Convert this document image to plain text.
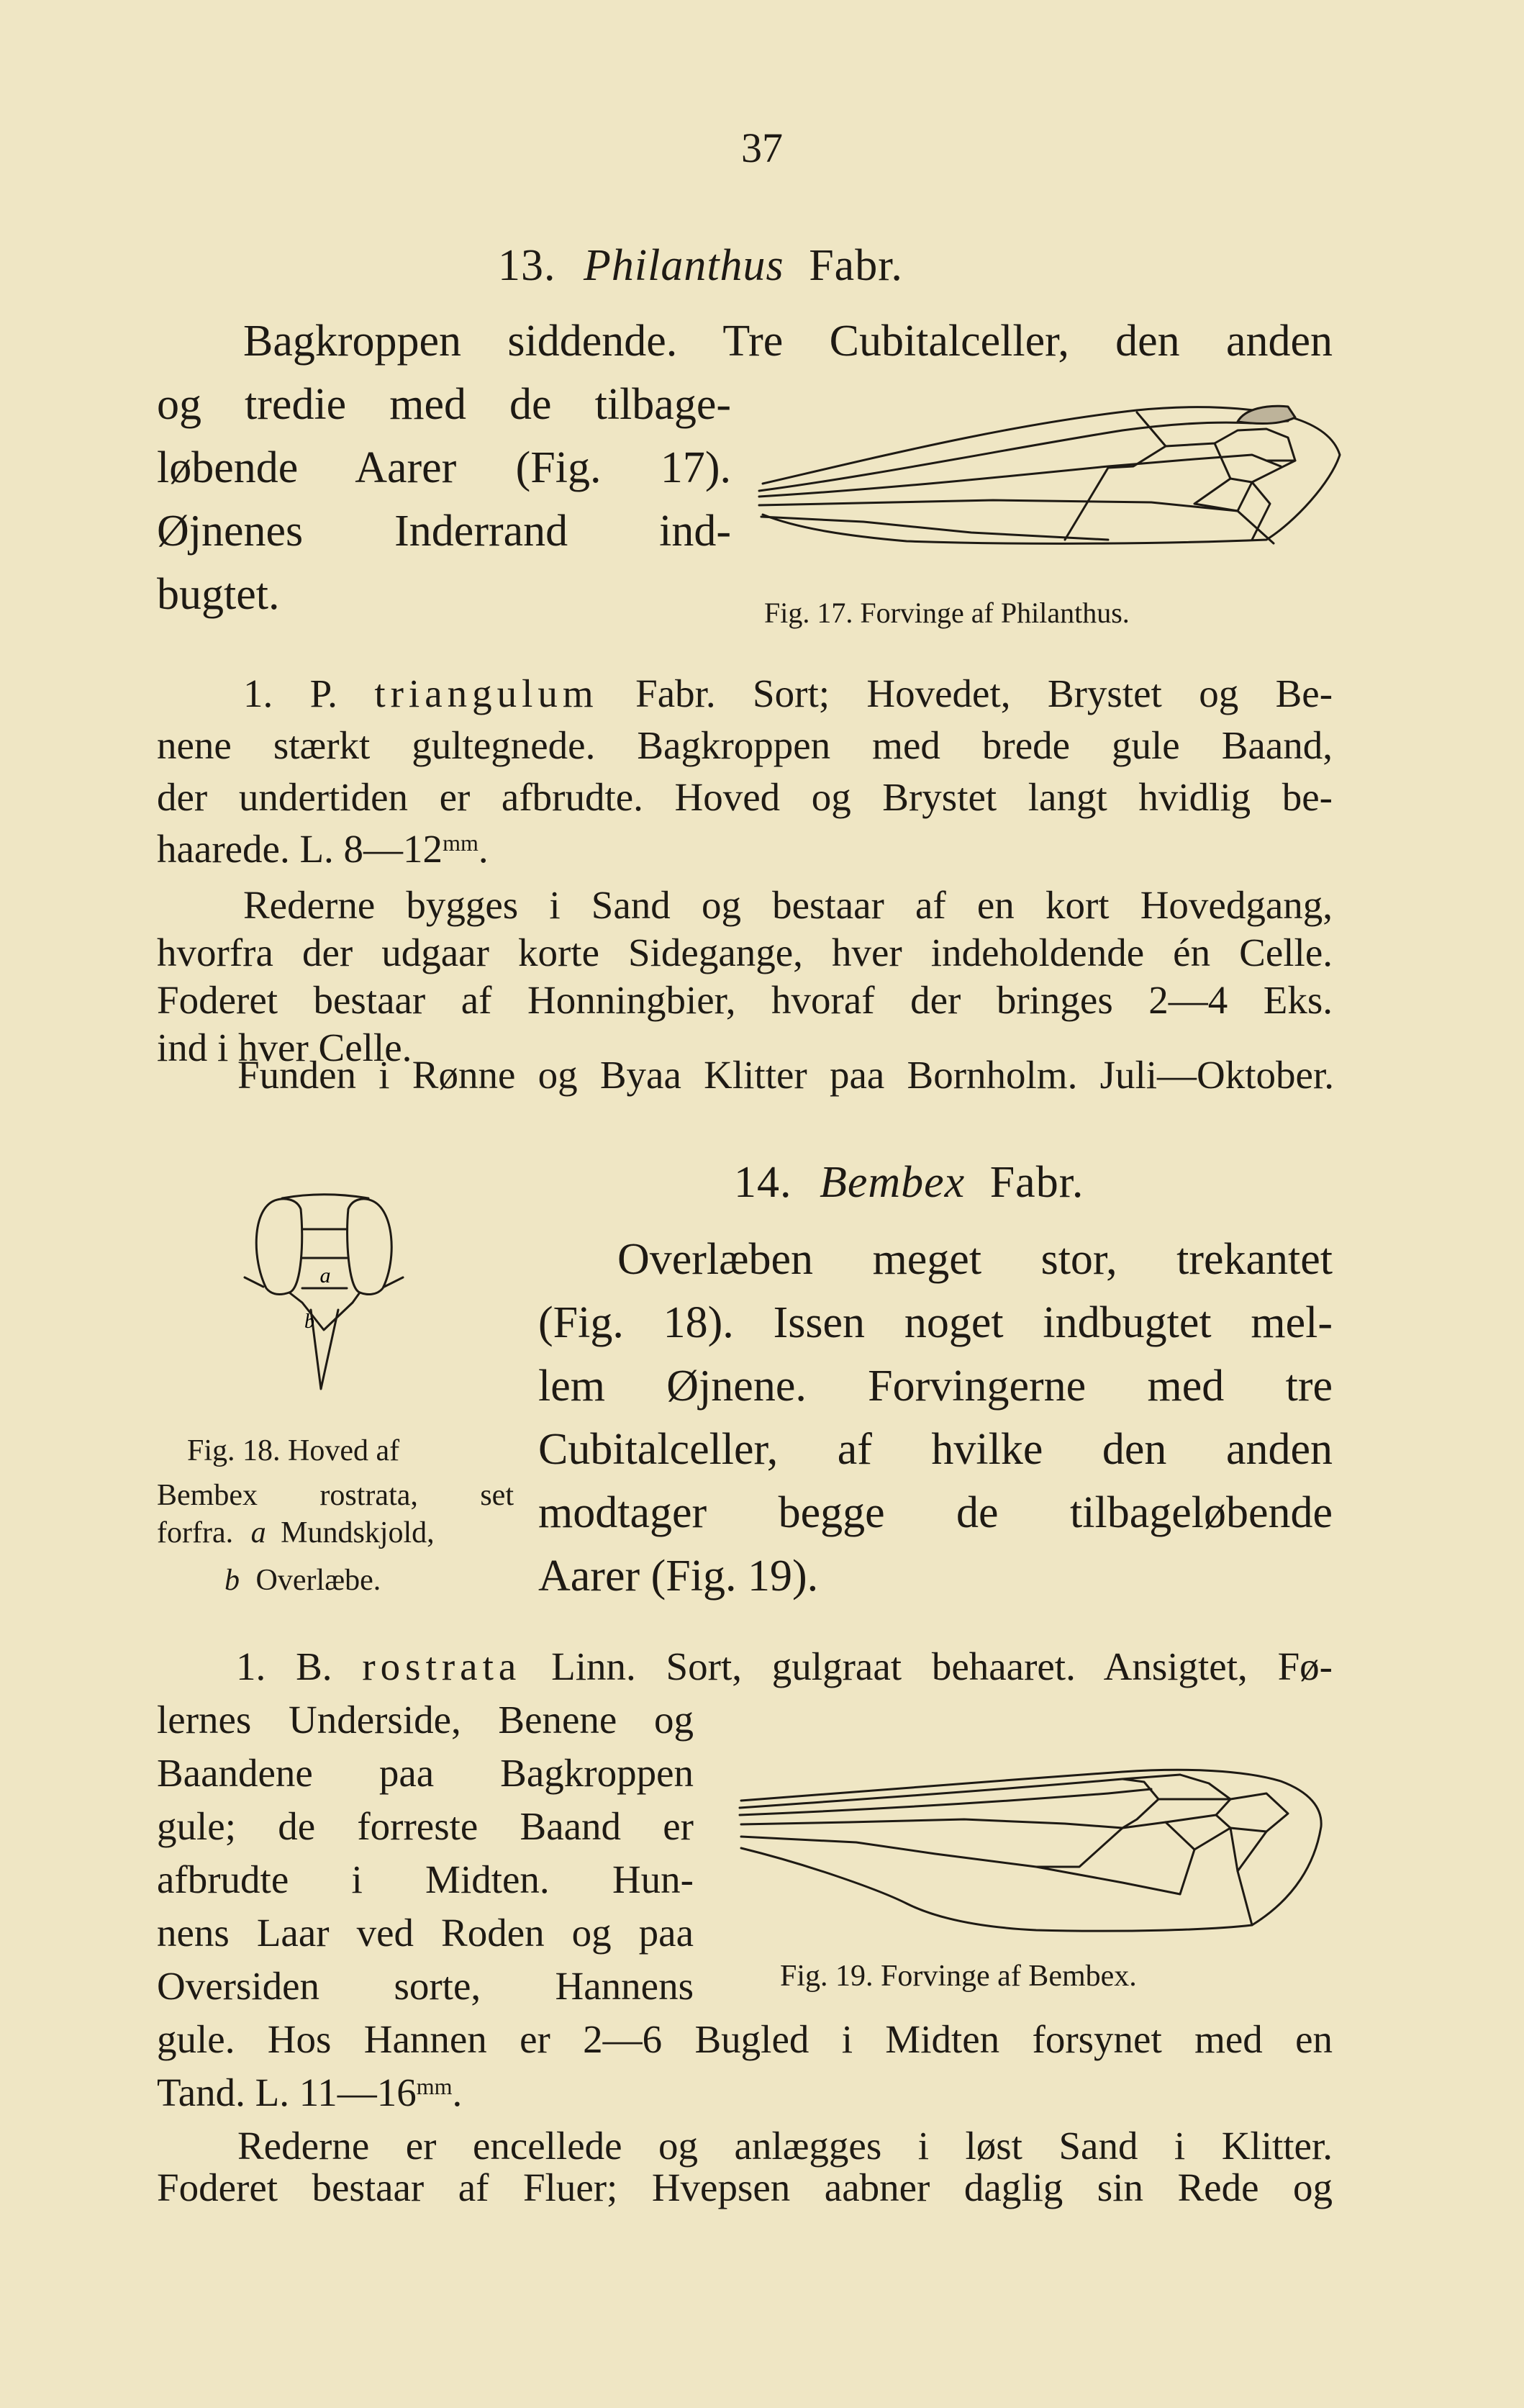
37
13. Philanthus Fabr.
Bagkroppen siddende. Tre Cubitalceller, den anden
og tredie med de tilbage-
løbende Aarer (Fig. 17).
Øjnenes Inderrand ind-
bugtet.	Fig. 17. Forvinge af Philanthus.
1. P. triangulum Fabr. Sort; Hovedet, Brystet og Be-
nene stærkt gultegnede. Bagkroppen med brede gule Baand,
der undertiden er afbrudte. Hoved og Brystet langt hvidlig be-
haarede. L. $8—12^{mm}$.
Rederne bygges i Sand og bestaar af en kort Hovedgang,
hvorfra der udgaar korte Sidegange, hver indeholdende én Celle.
Foderet bestaar af Honningbier, hvoraf der bringes 2—4 Eks.
ind i hver Celle.
Funden i Rønne og Byaa Klitter paa Bornholm. Juli—Oktober.
14. Bembex Fabr.
a
b
Fig. 18. Hoved af
Bembex rostrata, set
forfra. a Mundskjold,
b Overlæbe.
Overlæben meget stor, trekantet
(Fig. 18). Issen noget indbugtet mel-
lem Øjnene. Forvingerne med tre
Cubitalceller, af hvilke den anden
modtager begge de tilbageløbende
Aarer (Fig. 19).
1. B. rostrata Linn. Sort, gulgraat behaaret. Ansigtet, Fø-
lernes Underside, Benene og
Baandene paa Bagkroppen
gule; de forreste Baand er
afbrudte i Midten. Hun-
nens Laar ved Roden og paa
Oversiden sorte, Hannens	Fig. 19. Forvinge af Bembex.
gule. Hos Hannen er 2—6 Bugled i Midten forsynet med en
Tand. L. $11—16^{mm}$.
Rederne er encellede og anlægges i løst Sand i Klitter.
Foderet bestaar af Fluer; Hvepsen aabner daglig sin Rede og
